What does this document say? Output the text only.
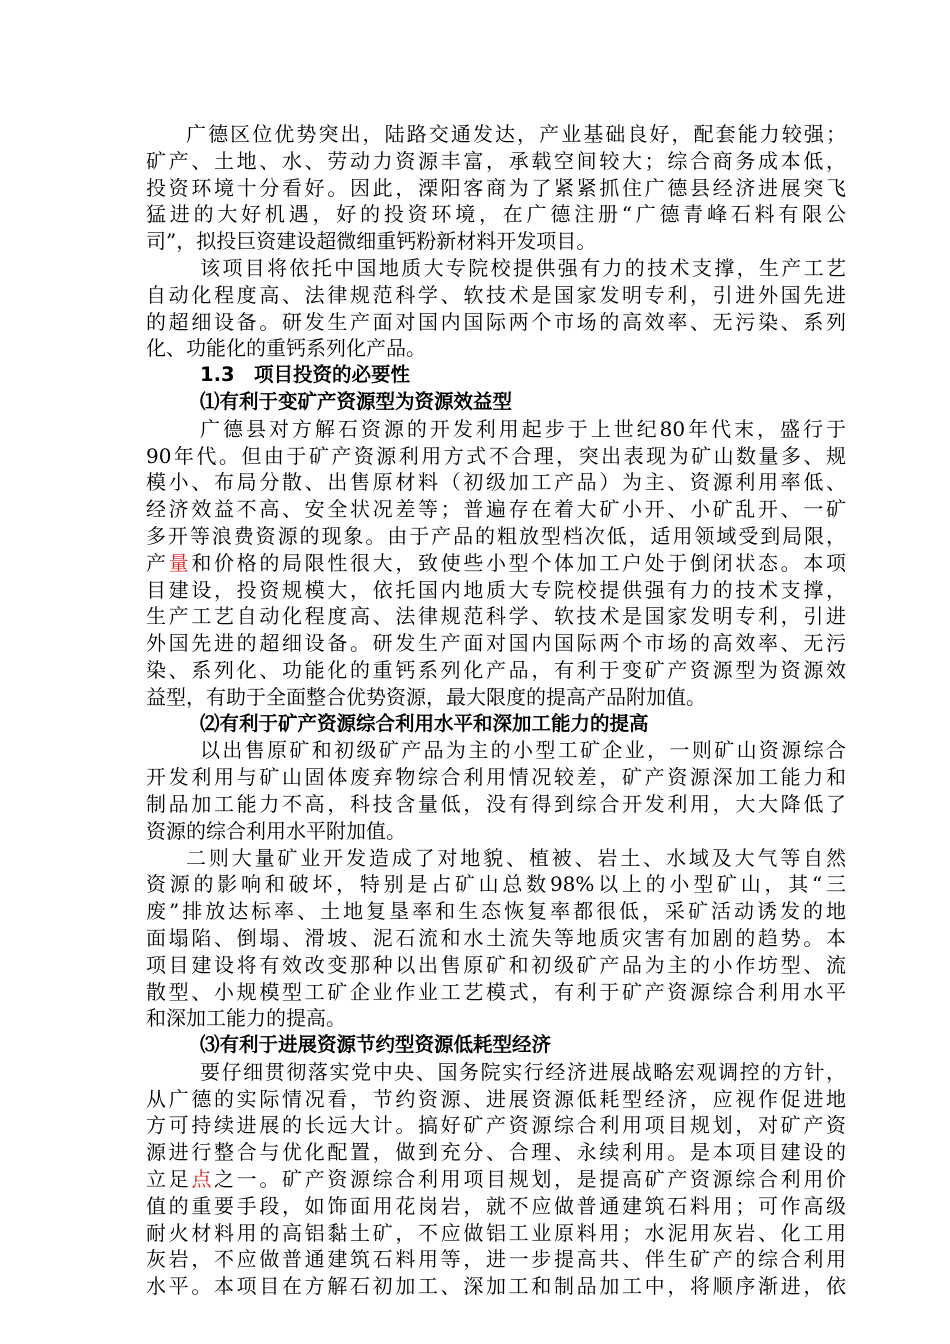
广德区位优势突出，陆路交通发达，产业基础良好，配套能力较强；
矿产、土地、水、劳动力资源丰富，承载空间较大；综合商务成本低，
投资环境十分看好。因此，溧阳客商为了紧紧抓住广德县经济进展突飞
猛进的大好机遇，好的投资环境，在广德注册“广德青峰石料有限公
司”，拟投巨资建设超微细重钙粉新材料开发项目。
该项目将依托中国地质大专院校提供强有力的技术支撑，生产工艺
自动化程度高、法律规范科学、软技术是国家发明专利，引进外国先进
的超细设备。研发生产面对国内国际两个市场的高效率、无污染、系列
化、功能化的重钙系列化产品。
1.3　项目投资的必要性
⑴有利于变矿产资源型为资源效益型
广德县对方解石资源的开发利用起步于上世纪80年代末，盛行于
90年代。但由于矿产资源利用方式不合理，突出表现为矿山数量多、规
模小、布局分散、出售原材料（初级加工产品）为主、资源利用率低、
经济效益不高、安全状况差等；普遍存在着大矿小开、小矿乱开、一矿
多开等浪费资源的现象。由于产品的粗放型档次低，适用领域受到局限，
产量和价格的局限性很大，致使些小型个体加工户处于倒闭状态。本项
目建设，投资规模大，依托国内地质大专院校提供强有力的技术支撑，
生产工艺自动化程度高、法律规范科学、软技术是国家发明专利，引进
外国先进的超细设备。研发生产面对国内国际两个市场的高效率、无污
染、系列化、功能化的重钙系列化产品，有利于变矿产资源型为资源效
益型，有助于全面整合优势资源，最大限度的提高产品附加值。
⑵有利于矿产资源综合利用水平和深加工能力的提高
以出售原矿和初级矿产品为主的小型工矿企业，一则矿山资源综合
开发利用与矿山固体废弃物综合利用情况较差，矿产资源深加工能力和
制品加工能力不高，科技含量低，没有得到综合开发利用，大大降低了
资源的综合利用水平附加值。
二则大量矿业开发造成了对地貌、植被、岩土、水域及大气等自然
资源的影响和破坏，特别是占矿山总数98%以上的小型矿山，其“三
废”排放达标率、土地复垦率和生态恢复率都很低，采矿活动诱发的地
面塌陷、倒塌、滑坡、泥石流和水土流失等地质灾害有加剧的趋势。本
项目建设将有效改变那种以出售原矿和初级矿产品为主的小作坊型、流
散型、小规模型工矿企业作业工艺模式，有利于矿产资源综合利用水平
和深加工能力的提高。
⑶有利于进展资源节约型资源低耗型经济
要仔细贯彻落实党中央、国务院实行经济进展战略宏观调控的方针，
从广德的实际情况看，节约资源、进展资源低耗型经济，应视作促进地
方可持续进展的长远大计。搞好矿产资源综合利用项目规划，对矿产资
源进行整合与优化配置，做到充分、合理、永续利用。是本项目建设的
立足点之一。矿产资源综合利用项目规划，是提高矿产资源综合利用价
值的重要手段，如饰面用花岗岩，就不应做普通建筑石料用；可作高级
耐火材料用的高铝黏土矿，不应做铝工业原料用；水泥用灰岩、化工用
灰岩，不应做普通建筑石料用等，进一步提高共、伴生矿产的综合利用
水平。本项目在方解石初加工、深加工和制品加工中，将顺序渐进，依
